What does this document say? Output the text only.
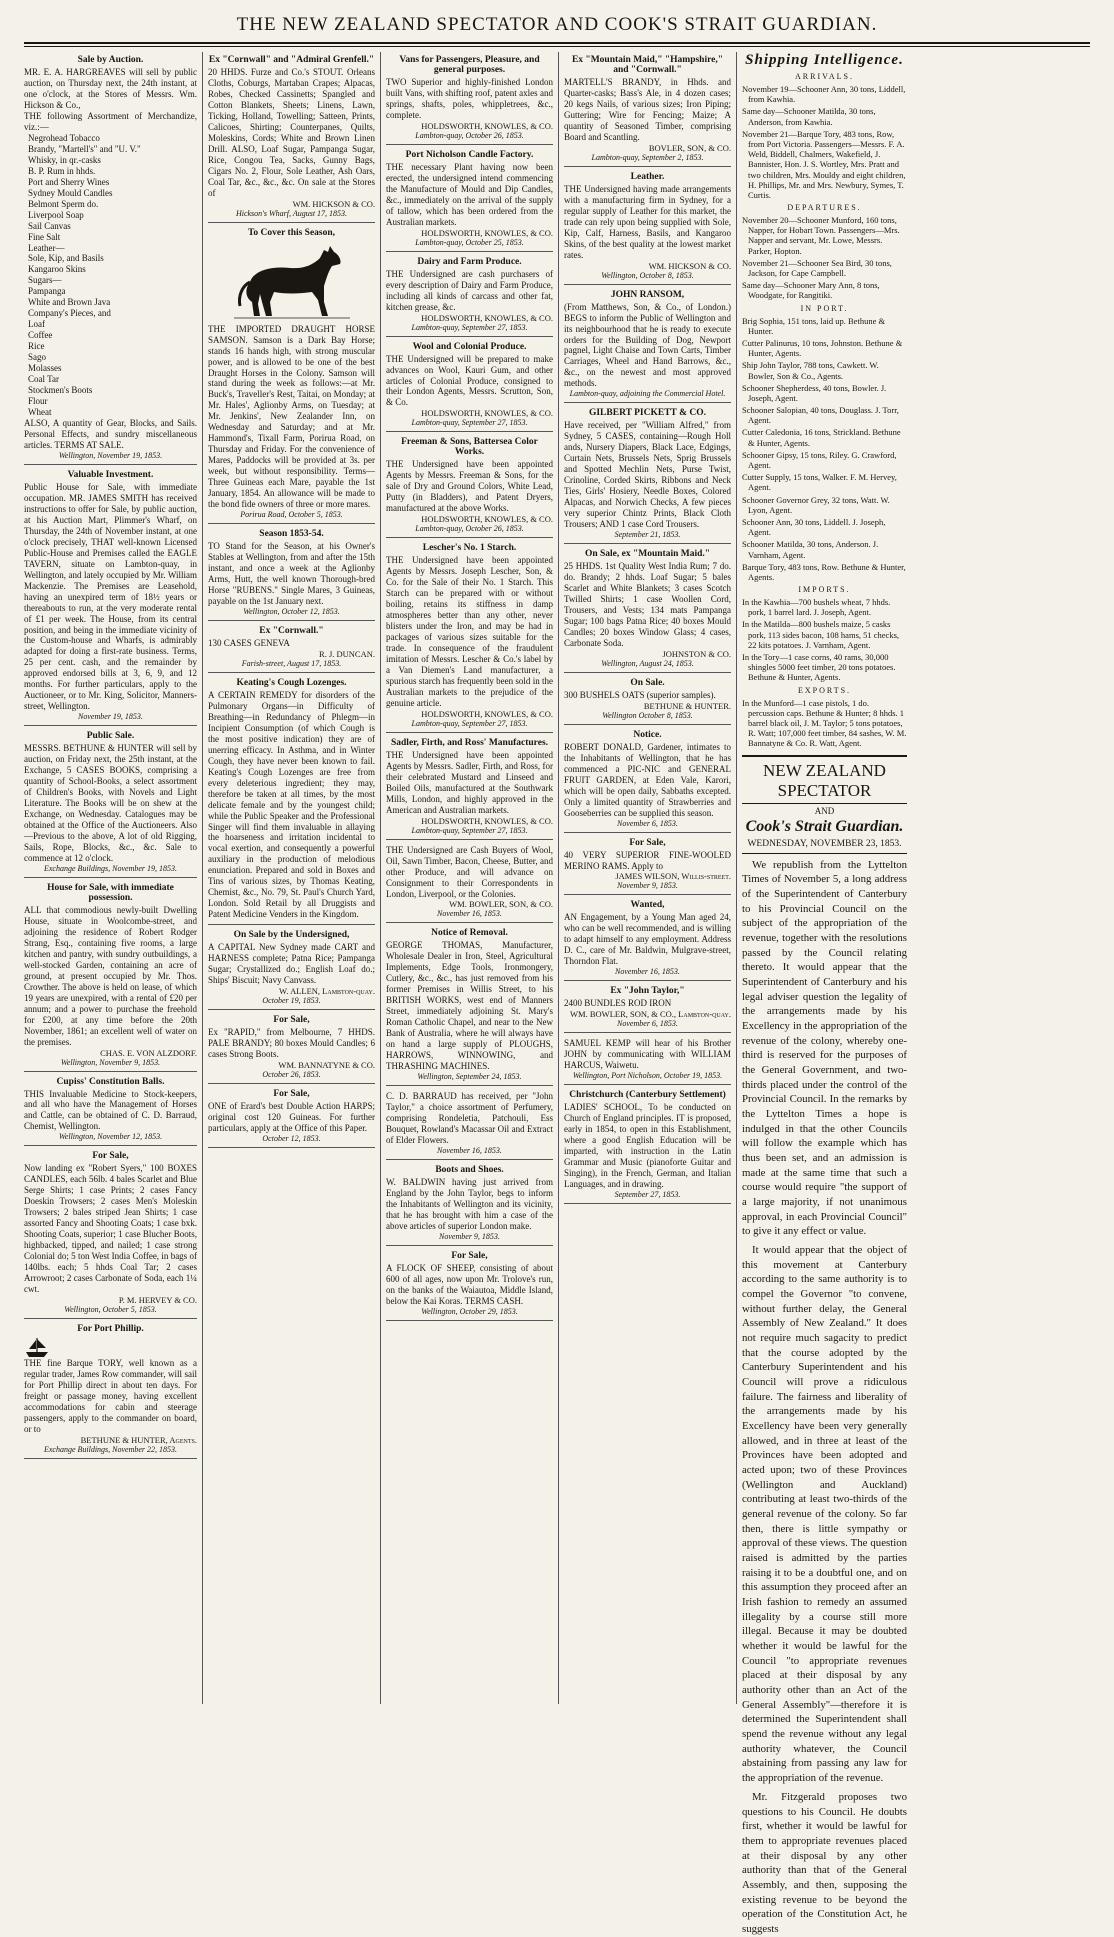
THE NEW ZEALAND SPECTATOR AND COOK'S STRAIT GUARDIAN.
Sale by Auction.
MR. E. A. HARGREAVES will sell by public auction, on Thursday next, the 24th instant, at one o'clock, at the Stores of Messrs. Wm. Hickson & Co.,
THE following Assortment of Merchandize, viz.:—
Negrohead Tobacco
Brandy, "Martell's" and "U. V."
Whisky, in qr.-casks
B. P. Rum in hhds.
Port and Sherry Wines
Sydney Mould Candles
Belmont Sperm do.
Liverpool Soap
Sail Canvas
Fine Salt
Leather—
Sole, Kip, and Basils
Kangaroo Skins
Sugars—
Pampanga
White and Brown Java
Company's Pieces, and
Loaf
Coffee
Rice
Sago
Molasses
Coal Tar
Stockmen's Boots
Flour
Wheat
ALSO, A quantity of Gear, Blocks, and Sails. Personal Effects, and sundry miscellaneous articles. TERMS AT SALE.
Wellington, November 19, 1853.
Valuable Investment.
Public House for Sale, with immediate occupation. MR. JAMES SMITH has received instructions to offer for Sale, by public auction, at his Auction Mart, Plimmer's Wharf, on Thursday, the 24th of November instant, at one o'clock precisely, THAT well-known Licensed Public-House and Premises called the EAGLE TAVERN, situate on Lambton-quay, in Wellington, and lately occupied by Mr. William Mackenzie. The Premises are Leasehold, having an unexpired term of 18½ years or thereabouts to run, at the very moderate rental of £1 per week. The House, from its central position, and being in the immediate vicinity of the Custom-house and Wharfs, is admirably adapted for doing a first-rate business. Terms, 25 per cent. cash, and the remainder by approved endorsed bills at 3, 6, 9, and 12 months. For further particulars, apply to the Auctioneer, or to Mr. King, Solicitor, Manners-street, Wellington.
November 19, 1853.
Public Sale.
MESSRS. BETHUNE & HUNTER will sell by auction, on Friday next, the 25th instant, at the Exchange, 5 CASES BOOKS, comprising a quantity of School-Books, a select assortment of Children's Books, with Novels and Light Literature. The Books will be on shew at the Exchange, on Wednesday. Catalogues may be obtained at the Office of the Auctioneers. Also—Previous to the above, A lot of old Rigging, Sails, Rope, Blocks, &c., &c. Sale to commence at 12 o'clock.
Exchange Buildings, November 19, 1853.
House for Sale, with immediate possession.
ALL that commodious newly-built Dwelling House, situate in Woolcombe-street, and adjoining the residence of Robert Rodger Strang, Esq., containing five rooms, a large kitchen and pantry, with sundry outbuildings, a well-stocked Garden, containing an acre of ground, at present occupied by Mr. Thos. Crowther. The above is held on lease, of which 19 years are unexpired, with a rental of £20 per annum; and a power to purchase the freehold for £200, at any time before the 20th November, 1861; an excellent well of water on the premises.
CHAS. E. VON ALZDORF.
Wellington, November 9, 1853.
Cupiss' Constitution Balls.
THIS Invaluable Medicine to Stock-keepers, and all who have the Management of Horses and Cattle, can be obtained of C. D. Barraud, Chemist, Wellington.
Wellington, November 12, 1853.
For Sale,
Now landing ex "Robert Syers," 100 BOXES CANDLES, each 56lb. 4 bales Scarlet and Blue Serge Shirts; 1 case Prints; 2 cases Fancy Doeskin Trowsers; 2 cases Men's Moleskin Trowsers; 2 bales striped Jean Shirts; 1 case assorted Fancy and Shooting Coats; 1 case bxk. Shooting Coats, superior; 1 case Blucher Boots, highbacked, tipped, and nailed; 1 case strong Colonial do; 5 ton West India Coffee, in bags of 140lbs. each; 5 hhds Coal Tar; 2 cases Arrowroot; 2 cases Carbonate of Soda, each 1¼ cwt.
P. M. HERVEY & CO.
Wellington, October 5, 1853.
For Port Phillip.
THE fine Barque TORY, well known as a regular trader, James Row commander, will sail for Port Phillip direct in about ten days. For freight or passage money, having excellent accommodations for cabin and steerage passengers, apply to the commander on board, or to
BETHUNE & HUNTER, Agents.
Exchange Buildings, November 22, 1853.
Ex "Cornwall" and "Admiral Grenfell."
20 HHDS. Furze and Co.'s STOUT. Orleans Cloths, Coburgs, Martaban Crapes; Alpacas, Robes, Checked Cassinetts; Spangled and Cotton Blankets, Sheets; Linens, Lawn, Ticking, Holland, Towelling; Satteen, Prints, Calicoes, Shirting; Counterpanes, Quilts, Moleskins, Cords; White and Brown Linen Drill. ALSO, Loaf Sugar, Pampanga Sugar, Rice, Congou Tea, Sacks, Gunny Bags, Cigars No. 2, Flour, Sole Leather, Ash Oars, Coal Tar, &c., &c., &c. On sale at the Stores of
WM. HICKSON & CO.
Hickson's Wharf, August 17, 1853.
To Cover this Season,
THE IMPORTED DRAUGHT HORSE SAMSON. Samson is a Dark Bay Horse; stands 16 hands high, with strong muscular power, and is allowed to be one of the best Draught Horses in the Colony. Samson will stand during the week as follows:—at Mr. Buck's, Traveller's Rest, Taitai, on Monday; at Mr. Hales', Aglionby Arms, on Tuesday; at Mr. Jenkins', New Zealander Inn, on Wednesday and Saturday; and at Mr. Hammond's, Tixall Farm, Porirua Road, on Thursday and Friday. For the convenience of Mares, Paddocks will be provided at 3s. per week, but without responsibility. Terms—Three Guineas each Mare, payable the 1st January, 1854. An allowance will be made to the bond fide owners of three or more mares.
Porirua Road, October 5, 1853.
Season 1853-54.
TO Stand for the Season, at his Owner's Stables at Wellington, from and after the 15th instant, and once a week at the Aglionby Arms, Hutt, the well known Thorough-bred Horse "RUBENS." Single Mares, 3 Guineas, payable on the 1st January next.
Wellington, October 12, 1853.
Ex "Cornwall."
130 CASES GENEVA
R. J. DUNCAN.
Farish-street, August 17, 1853.
Keating's Cough Lozenges.
A CERTAIN REMEDY for disorders of the Pulmonary Organs—in Difficulty of Breathing—in Redundancy of Phlegm—in Incipient Consumption (of which Cough is the most positive indication) they are of unerring efficacy. In Asthma, and in Winter Cough, they have never been known to fail. Keating's Cough Lozenges are free from every deleterious ingredient; they may, therefore be taken at all times, by the most delicate female and by the youngest child; while the Public Speaker and the Professional Singer will find them invaluable in allaying the hoarseness and irritation incidental to vocal exertion, and consequently a powerful auxiliary in the production of melodious enunciation. Prepared and sold in Boxes and Tins of various sizes, by Thomas Keating, Chemist, &c., No. 79, St. Paul's Church Yard, London. Sold Retail by all Druggists and Patent Medicine Venders in the Kingdom.
On Sale by the Undersigned,
A CAPITAL New Sydney made CART and HARNESS complete; Patna Rice; Pampanga Sugar; Crystallized do.; English Loaf do.; Ships' Biscuit; Navy Canvass.
W. ALLEN, Lambton-quay.
October 19, 1853.
For Sale,
Ex "RAPID," from Melbourne, 7 HHDS. PALE BRANDY; 80 boxes Mould Candles; 6 cases Strong Boots.
WM. BANNATYNE & CO.
October 26, 1853.
For Sale,
ONE of Erard's best Double Action HARPS; original cost 120 Guineas. For further particulars, apply at the Office of this Paper.
October 12, 1853.
Vans for Passengers, Pleasure, and general purposes.
TWO Superior and highly-finished London built Vans, with shifting roof, patent axles and springs, shafts, poles, whippletrees, &c., complete.
HOLDSWORTH, KNOWLES, & CO.
Lambton-quay, October 26, 1853.
Port Nicholson Candle Factory.
THE necessary Plant having now been erected, the undersigned intend commencing the Manufacture of Mould and Dip Candles, &c., immediately on the arrival of the supply of tallow, which has been ordered from the Australian markets.
HOLDSWORTH, KNOWLES, & CO.
Lambton-quay, October 25, 1853.
Dairy and Farm Produce.
THE Undersigned are cash purchasers of every description of Dairy and Farm Produce, including all kinds of carcass and other fat, kitchen grease, &c.
HOLDSWORTH, KNOWLES, & CO.
Lambton-quay, September 27, 1853.
Wool and Colonial Produce.
THE Undersigned will be prepared to make advances on Wool, Kauri Gum, and other articles of Colonial Produce, consigned to their London Agents, Messrs. Scrutton, Son, & Co.
HOLDSWORTH, KNOWLES, & CO.
Lambton-quay, September 27, 1853.
Freeman & Sons, Battersea Color Works.
THE Undersigned have been appointed Agents by Messrs. Freeman & Sons, for the sale of Dry and Ground Colors, White Lead, Putty (in Bladders), and Patent Dryers, manufactured at the above Works.
HOLDSWORTH, KNOWLES, & CO.
Lambton-quay, October 26, 1853.
Lescher's No. 1 Starch.
THE Undersigned have been appointed Agents by Messrs. Joseph Lescher, Son, & Co. for the Sale of their No. 1 Starch. This Starch can be prepared with or without boiling, retains its stiffness in damp atmospheres better than any other, never blisters under the Iron, and may be had in packages of various sizes suitable for the trade. In consequence of the fraudulent imitation of Messrs. Lescher & Co.'s label by a Van Diemen's Land manufacturer, a spurious starch has frequently been sold in the Australian markets to the prejudice of the genuine article.
HOLDSWORTH, KNOWLES, & CO.
Lambton-quay, September 27, 1853.
Sadler, Firth, and Ross' Manufactures.
THE Undersigned have been appointed Agents by Messrs. Sadler, Firth, and Ross, for their celebrated Mustard and Linseed and Boiled Oils, manufactured at the Southwark Mills, London, and highly approved in the American and Australian markets.
HOLDSWORTH, KNOWLES, & CO.
Lambton-quay, September 27, 1853.
THE Undersigned are Cash Buyers of Wool, Oil, Sawn Timber, Bacon, Cheese, Butter, and other Produce, and will advance on Consignment to their Correspondents in London, Liverpool, or the Colonies.
WM. BOWLER, SON, & CO.
November 16, 1853.
Notice of Removal.
GEORGE THOMAS, Manufacturer, Wholesale Dealer in Iron, Steel, Agricultural Implements, Edge Tools, Ironmongery, Cutlery, &c., &c., has just removed from his former Premises in Willis Street, to his BRITISH WORKS, west end of Manners Street, immediately adjoining St. Mary's Roman Catholic Chapel, and near to the New Bank of Australia, where he will always have on hand a large supply of PLOUGHS, HARROWS, WINNOWING, and THRASHING MACHINES.
Wellington, September 24, 1853.
C. D. BARRAUD has received, per "John Taylor," a choice assortment of Perfumery, comprising Rondeletia, Patchouli, Ess Bouquet, Rowland's Macassar Oil and Extract of Elder Flowers.
November 16, 1853.
Boots and Shoes.
W. BALDWIN having just arrived from England by the John Taylor, begs to inform the Inhabitants of Wellington and its vicinity, that he has brought with him a case of the above articles of superior London make.
November 9, 1853.
For Sale,
A FLOCK OF SHEEP, consisting of about 600 of all ages, now upon Mr. Trolove's run, on the banks of the Waiautoa, Middle Island, below the Kai Koras. TERMS CASH.
Wellington, October 29, 1853.
Ex "Mountain Maid," "Hampshire," and "Cornwall."
MARTELL'S BRANDY, in Hhds. and Quarter-casks; Bass's Ale, in 4 dozen cases; 20 kegs Nails, of various sizes; Iron Piping; Guttering; Wire for Fencing; Maize; A quantity of Seasoned Timber, comprising Board and Scantling.
BOVLER, SON, & CO.
Lambton-quay, September 2, 1853.
Leather.
THE Undersigned having made arrangements with a manufacturing firm in Sydney, for a regular supply of Leather for this market, the trade can rely upon being supplied with Sole, Kip, Calf, Harness, Basils, and Kangaroo Skins, of the best quality at the lowest market rates.
WM. HICKSON & CO.
Wellington, October 8, 1853.
JOHN RANSOM,
(From Matthews, Son, & Co., of London.) BEGS to inform the Public of Wellington and its neighbourhood that he is ready to execute orders for the Building of Dog, Newport pagnel, Light Chaise and Town Carts, Timber Carriages, Wheel and Hand Barrows, &c., &c., on the newest and most approved methods.
Lambton-quay, adjoining the Commercial Hotel.
GILBERT PICKETT & CO.
Have received, per "William Alfred," from Sydney, 5 CASES, containing—Rough Holl ands, Nursery Diapers, Black Lace, Edgings, Curtain Nets, Brussels Nets, Sprig Brussels and Spotted Mechlin Nets, Purse Twist, Crinoline, Corded Skirts, Ribbons and Neck Ties, Girls' Hosiery, Needle Boxes, Colored Alpacas, and Norwich Checks, A few pieces very superior Chintz Prints, Black Cloth Trousers; AND 1 case Cord Trousers.
September 21, 1853.
On Sale, ex "Mountain Maid."
25 HHDS. 1st Quality West India Rum; 7 do. do. Brandy; 2 hhds. Loaf Sugar; 5 bales Scarlet and White Blankets; 3 cases Scotch Twilled Shirts; 1 case Woollen Cord, Trousers, and Vests; 134 mats Pampanga Sugar; 100 bags Patna Rice; 40 boxes Mould Candles; 20 boxes Window Glass; 4 cases, Carbonate Soda.
JOHNSTON & CO.
Wellington, August 24, 1853.
On Sale.
300 BUSHELS OATS (superior samples).
BETHUNE & HUNTER.
Wellington October 8, 1853.
Notice.
ROBERT DONALD, Gardener, intimates to the Inhabitants of Wellington, that he has commenced a PIC-NIC and GENERAL FRUIT GARDEN, at Eden Vale, Karori, which will be open daily, Sabbaths excepted. Only a limited quantity of Strawberries and Gooseberries can be supplied this season.
November 6, 1853.
For Sale,
40 VERY SUPERIOR FINE-WOOLED MERINO RAMS. Apply to
JAMES WILSON, Willis-street.
November 9, 1853.
Wanted,
AN Engagement, by a Young Man aged 24, who can be well recommended, and is willing to adapt himself to any employment. Address D. C., care of Mr. Baldwin, Mulgrave-street, Thorndon Flat.
November 16, 1853.
Ex "John Taylor,"
2400 BUNDLES ROD IRON
WM. BOWLER, SON, & CO., Lambton-quay.
November 6, 1853.
SAMUEL KEMP will hear of his Brother JOHN by communicating with WILLIAM HARCUS, Waiwetu.
Wellington, Port Nicholson, October 19, 1853.
Christchurch (Canterbury Settlement)
LADIES' SCHOOL, To be conducted on Church of England principles. IT is proposed, early in 1854, to open in this Establishment, where a good English Education will be imparted, with instruction in the Latin Grammar and Music (pianoforte Guitar and Singing), in the French, German, and Italian Languages, and in drawing.
September 27, 1853.
Shipping Intelligence.
ARRIVALS.
November 19—Schooner Ann, 30 tons, Liddell, from Kawhia.
Same day—Schooner Matilda, 30 tons, Anderson, from Kawhia.
November 21—Barque Tory, 483 tons, Row, from Port Victoria. Passengers—Messrs. F. A. Weld, Biddell, Chalmers, Wakefield, J. Bannister, Hon. J. S. Wortley, Mrs. Pratt and two children, Mrs. Mouldy and eight children, H. Phillips, Mr. and Mrs. Newbury, Symes, T. Curtis.
DEPARTURES.
November 20—Schooner Munford, 160 tons, Napper, for Hobart Town. Passengers—Mrs. Napper and servant, Mr. Lowe, Messrs. Parker, Hopton.
November 21—Schooner Sea Bird, 30 tons, Jackson, for Cape Campbell.
Same day—Schooner Mary Ann, 8 tons, Woodgate, for Rangitiki.
IN PORT.
Brig Sophia, 151 tons, laid up. Bethune & Hunter.
Cutter Palinurus, 10 tons, Johnston. Bethune & Hunter, Agents.
Ship John Taylor, 788 tons, Cawkett. W. Bowler, Son & Co., Agents.
Schooner Shepherdess, 40 tons, Bowler. J. Joseph, Agent.
Schooner Salopian, 40 tons, Douglass. J. Torr, Agent.
Cutter Caledonia, 16 tons, Strickland. Bethune & Hunter, Agents.
Schooner Gipsy, 15 tons, Riley. G. Crawford, Agent.
Cutter Supply, 15 tons, Walker. F. M. Hervey, Agent.
Schooner Governor Grey, 32 tons, Watt. W. Lyon, Agent.
Schooner Ann, 30 tons, Liddell. J. Joseph, Agent.
Schooner Matilda, 30 tons, Anderson. J. Varnham, Agent.
Barque Tory, 483 tons, Row. Bethune & Hunter, Agents.
IMPORTS.
In the Kawhia—700 bushels wheat, 7 hhds. pork, 1 barrel lard. J. Joseph, Agent.
In the Matilda—800 bushels maize, 5 casks pork, 113 sides bacon, 108 hams, 51 checks, 22 kits potatoes. J. Varnham, Agent.
In the Tory—1 case corns, 40 rams, 30,000 shingles 5000 feet timber, 20 tons potatoes. Bethune & Hunter, Agents.
EXPORTS.
In the Munford—1 case pistols, 1 do. percussion caps. Bethune & Hunter; 8 hhds. 1 barrel black oil, J. M. Taylor; 5 tons potatoes, R. Watt; 107,000 feet timber, 84 sashes, W. M. Bannatyne & Co. R. Watt, Agent.
NEW ZEALAND SPECTATOR
AND
Cook's Strait Guardian.
WEDNESDAY, NOVEMBER 23, 1853.

We republish from the Lyttelton Times of November 5, a long address of the Superintendent of Canterbury to his Provincial Council on the subject of the appropriation of the revenue, together with the resolutions passed by the Council relating thereto. It would appear that the Superintendent of Canterbury and his legal adviser question the legality of the arrangements made by his Excellency in the appropriation of the revenue of the colony, whereby one-third is reserved for the purposes of the General Government, and two-thirds placed under the control of the Provincial Council. In the remarks by the Lyttelton Times a hope is indulged in that the other Councils will follow the example which has thus been set, and an admission is made at the same time that such a course would require "the support of a large majority, if not unanimous approval, in each Provincial Council" to give it any effect or value.

It would appear that the object of this movement at Canterbury according to the same authority is to compel the Governor "to convene, without further delay, the General Assembly of New Zealand." It does not require much sagacity to predict that the course adopted by the Canterbury Superintendent and his Council will prove a ridiculous failure. The fairness and liberality of the arrangements made by his Excellency have been very generally allowed, and in three at least of the Provinces have been adopted and acted upon; two of these Provinces (Wellington and Auckland) contributing at least two-thirds of the general revenue of the colony. So far then, there is little sympathy or approval of these views. The question raised is admitted by the parties raising it to be a doubtful one, and on this assumption they proceed after an Irish fashion to remedy an assumed illegality by a course still more illegal. Because it may be doubted whether it would be lawful for the Council "to appropriate revenues placed at their disposal by any authority other than an Act of the General Assembly"—therefore it is determined the Superintendent shall spend the revenue without any legal authority whatever, the Council abstaining from passing any law for the appropriation of the revenue.

Mr. Fitzgerald proposes two questions to his Council. He doubts first, whether it would be lawful for them to appropriate revenues placed at their disposal by any other authority than that of the General Assembly, and then, supposing the existing revenue to be beyond the operation of the Constitution Act, he suggests
